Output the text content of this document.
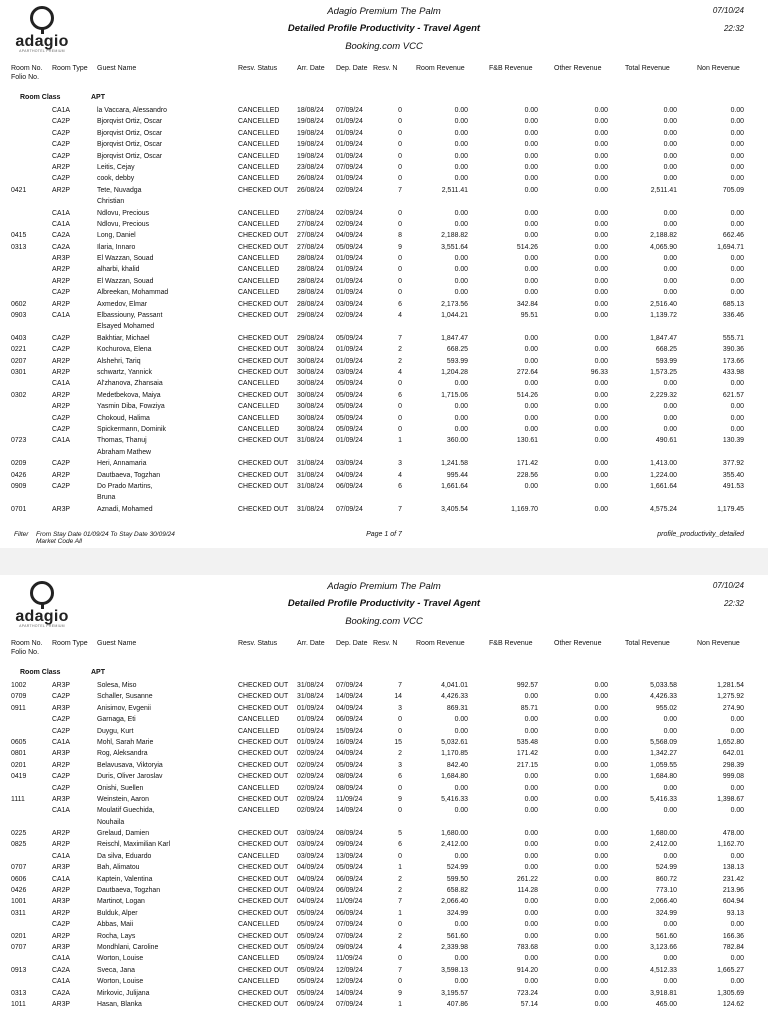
adagio
APARTHOTEL PREMIUM
Adagio Premium The Palm
Detailed Profile Productivity - Travel Agent
Booking.com VCC
07/10/24
22:32
Room No.
Folio No.
Room Type Guest Name	Resv. Status	Arr. Date Dep. Date Resv. N	Room Revenue	F&B Revenue	Other Revenue	Total Revenue	Non Revenue
Room Class	APT
CA1A	la Vaccara, Alessandro	CANCELLED	18/08/24 07/09/24	0	0.00	0.00	0.00	0.00	0.00
CA2P	Bjorqvist Ortiz, Oscar	CANCELLED	19/08/24 01/09/24	0	0.00	0.00	0.00	0.00	0.00
CA2P	Bjorqvist Ortiz, Oscar	CANCELLED	19/08/24 01/09/24	0	0.00	0.00	0.00	0.00	0.00
CA2P	Bjorqvist Ortiz, Oscar	CANCELLED	19/08/24 01/09/24	0	0.00	0.00	0.00	0.00	0.00
CA2P	Bjorqvist Ortiz, Oscar	CANCELLED	19/08/24 01/09/24	0	0.00	0.00	0.00	0.00	0.00
AR2P	Leitis, Cejay	CANCELLED	23/08/24 07/09/24	0	0.00	0.00	0.00	0.00	0.00
CA2P	cook, debby	CANCELLED	26/08/24 01/09/24	0	0.00	0.00	0.00	0.00	0.00
0421	AR2P	Tete, Nuvadga	CHECKED OUT 26/08/24 02/09/24	7	2,511.41	0.00	0.00	2,511.41	705.09
Christian
CA1A	Ndlovu, Precious	CANCELLED	27/08/24 02/09/24	0	0.00	0.00	0.00	0.00	0.00
CA1A	Ndlovu, Precious	CANCELLED	27/08/24 02/09/24	0	0.00	0.00	0.00	0.00	0.00
0415	CA2A	Long, Daniel	CHECKED OUT 27/08/24 04/09/24	8	2,188.82	0.00	0.00	2,188.82	662.46
0313	CA2A	Ilaria, Innaro	CHECKED OUT 27/08/24 05/09/24	9	3,551.64	514.26	0.00	4,065.90	1,694.71
AR3P	El Wazzan, Souad	CANCELLED	28/08/24 01/09/24	0	0.00	0.00	0.00	0.00	0.00
AR2P	alharbi, khalid	CANCELLED	28/08/24 01/09/24	0	0.00	0.00	0.00	0.00	0.00
AR2P	El Wazzan, Souad	CANCELLED	28/08/24 01/09/24	0	0.00	0.00	0.00	0.00	0.00
CA2P	Albreekan, Mohammad	CANCELLED	28/08/24 01/09/24	0	0.00	0.00	0.00	0.00	0.00
0602	AR2P	Axmedov, Elmar	CHECKED OUT 28/08/24 03/09/24	6	2,173.56	342.84	0.00	2,516.40	685.13
0903	CA1A	Elbassiouny, Passant	CHECKED OUT 29/08/24 02/09/24	4	1,044.21	95.51	0.00	1,139.72	336.46
Elsayed Mohamed
0403	CA2P	Bakhtiar, Michael	CHECKED OUT 29/08/24 05/09/24	7	1,847.47	0.00	0.00	1,847.47	555.71
0221	CA2P	Kochurova, Elena	CHECKED OUT 30/08/24 01/09/24	2	668.25	0.00	0.00	668.25	390.36
0207	AR2P	Alshehri, Tariq	CHECKED OUT 30/08/24 01/09/24	2	593.99	0.00	0.00	593.99	173.66
0301	AR2P	schwartz, Yannick	CHECKED OUT 30/08/24 03/09/24	4	1,204.28	272.64	96.33	1,573.25	433.98
CA1A	Al'zhanova, Zhansaia	CANCELLED	30/08/24 05/09/24	0	0.00	0.00	0.00	0.00	0.00
0302	AR2P	Medetbekova, Maiya	CHECKED OUT 30/08/24 05/09/24	6	1,715.06	514.26	0.00	2,229.32	621.57
AR2P	Yasmin Diba, Fowziya	CANCELLED	30/08/24 05/09/24	0	0.00	0.00	0.00	0.00	0.00
CA2P	Chokoud, Halima	CANCELLED	30/08/24 05/09/24	0	0.00	0.00	0.00	0.00	0.00
CA2P	Spickermann, Dominik	CANCELLED	30/08/24 05/09/24	0	0.00	0.00	0.00	0.00	0.00
0723	CA1A	Thomas, Thanuj	CHECKED OUT 31/08/24 01/09/24	1	360.00	130.61	0.00	490.61	130.39
Abraham Mathew
0209	CA2P	Heri, Annamaria	CHECKED OUT 31/08/24 03/09/24	3	1,241.58	171.42	0.00	1,413.00	377.92
0426	AR2P	Dautbaeva, Togzhan	CHECKED OUT 31/08/24 04/09/24	4	995.44	228.56	0.00	1,224.00	355.40
0909	CA2P	Do Prado Martins,	CHECKED OUT 31/08/24 06/09/24	6	1,661.64	0.00	0.00	1,661.64	491.53
Bruna
0701	AR3P	Aznadi, Mohamed	CHECKED OUT 31/08/24 07/09/24	7	3,405.54	1,169.70	0.00	4,575.24	1,179.45
Filter From Stay Date 01/09/24 To Stay Date 30/09/24
Market Code All
Page 1 of 7	profile_productivity_detailed
adagio
APARTHOTEL PREMIUM
Adagio Premium The Palm
Detailed Profile Productivity - Travel Agent
Booking.com VCC
07/10/24
22:32
Room No.
Folio No.
Room Type Guest Name	Resv. Status	Arr. Date Dep. Date Resv. N	Room Revenue	F&B Revenue	Other Revenue	Total Revenue	Non Revenue
Room Class	APT
1002	AR3P	Solesa, Miso	CHECKED OUT 31/08/24 07/09/24	7	4,041.01	992.57	0.00	5,033.58	1,281.54
0709	CA2P	Schaller, Susanne	CHECKED OUT 31/08/24 14/09/24	14	4,426.33	0.00	0.00	4,426.33	1,275.92
0911	AR3P	Anisimov, Evgenii	CHECKED OUT 01/09/24 04/09/24	3	869.31	85.71	0.00	955.02	274.90
CA2P	Garnaga, Eti	CANCELLED	01/09/24 06/09/24	0	0.00	0.00	0.00	0.00	0.00
CA2P	Duygu, Kurt	CANCELLED	01/09/24 15/09/24	0	0.00	0.00	0.00	0.00	0.00
0605	CA1A	Mohl, Sarah Marie	CHECKED OUT 01/09/24 16/09/24	15	5,032.61	535.48	0.00	5,568.09	1,652.80
0801	AR3P	Rog, Aleksandra	CHECKED OUT 02/09/24 04/09/24	2	1,170.85	171.42	0.00	1,342.27	642.01
0201	AR2P	Belavusava, Viktoryia	CHECKED OUT 02/09/24 05/09/24	3	842.40	217.15	0.00	1,059.55	298.39
0419	CA2P	Duris, Oliver Jaroslav	CHECKED OUT 02/09/24 08/09/24	6	1,684.80	0.00	0.00	1,684.80	999.08
CA2P	Onishi, Suellen	CANCELLED	02/09/24 08/09/24	0	0.00	0.00	0.00	0.00	0.00
1111	AR3P	Weinstein, Aaron	CHECKED OUT 02/09/24 11/09/24	9	5,416.33	0.00	0.00	5,416.33	1,398.67
CA1A	Moulatif Guechida,	CANCELLED	02/09/24 14/09/24	0	0.00	0.00	0.00	0.00	0.00
Nouhaila
0225	AR2P	Grelaud, Damien	CHECKED OUT 03/09/24 08/09/24	5	1,680.00	0.00	0.00	1,680.00	478.00
0825	AR2P	Reischl, Maximilian Karl	CHECKED OUT 03/09/24 09/09/24	6	2,412.00	0.00	0.00	2,412.00	1,162.70
CA1A	Da silva, Eduardo	CANCELLED	03/09/24 13/09/24	0	0.00	0.00	0.00	0.00	0.00
0707	AR3P	Bah, Alimatou	CHECKED OUT 04/09/24 05/09/24	1	524.99	0.00	0.00	524.99	138.13
0606	CA1A	Kaptein, Valentina	CHECKED OUT 04/09/24 06/09/24	2	599.50	261.22	0.00	860.72	231.42
0426	AR2P	Dautbaeva, Togzhan	CHECKED OUT 04/09/24 06/09/24	2	658.82	114.28	0.00	773.10	213.96
1001	AR3P	Martinot, Logan	CHECKED OUT 04/09/24 11/09/24	7	2,066.40	0.00	0.00	2,066.40	604.94
0311	AR2P	Bulduk, Alper	CHECKED OUT 05/09/24 06/09/24	1	324.99	0.00	0.00	324.99	93.13
CA2P	Abbas, Maii	CANCELLED	05/09/24 07/09/24	0	0.00	0.00	0.00	0.00	0.00
0201	AR2P	Rocha, Lays	CHECKED OUT 05/09/24 07/09/24	2	561.60	0.00	0.00	561.60	166.36
0707	AR3P	Mondhlani, Caroline	CHECKED OUT 05/09/24 09/09/24	4	2,339.98	783.68	0.00	3,123.66	782.84
CA1A	Worton, Louise	CANCELLED	05/09/24 11/09/24	0	0.00	0.00	0.00	0.00	0.00
0913	CA2A	Sveca, Jana	CHECKED OUT 05/09/24 12/09/24	7	3,598.13	914.20	0.00	4,512.33	1,665.27
CA1A	Worton, Louise	CANCELLED	05/09/24 12/09/24	0	0.00	0.00	0.00	0.00	0.00
0313	CA2A	Mirkovic, Julijana	CHECKED OUT 05/09/24 14/09/24	9	3,195.57	723.24	0.00	3,918.81	1,305.69
1011	AR3P	Hasan, Blanka	CHECKED OUT 06/09/24 07/09/24	1	407.86	57.14	0.00	465.00	124.62
